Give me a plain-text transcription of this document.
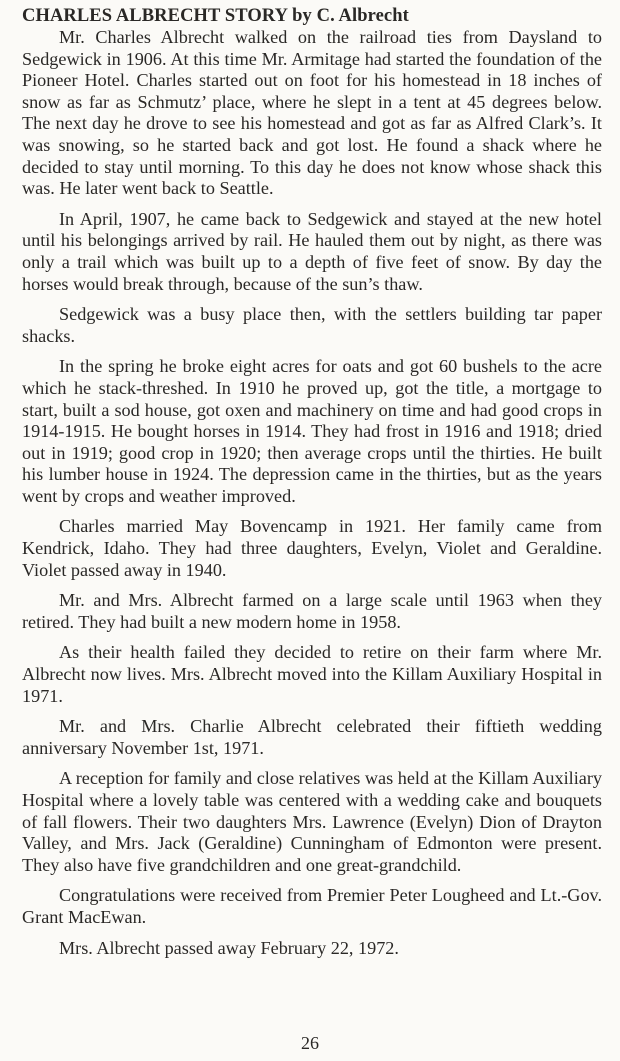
CHARLES ALBRECHT STORY by C. Albrecht

Mr. Charles Albrecht walked on the railroad ties from Daysland to Sedgewick in 1906. At this time Mr. Armitage had started the foundation of the Pioneer Hotel. Charles started out on foot for his homestead in 18 inches of snow as far as Schmutz’ place, where he slept in a tent at 45 degrees below. The next day he drove to see his homestead and got as far as Alfred Clark’s. It was snowing, so he started back and got lost. He found a shack where he decided to stay until morning. To this day he does not know whose shack this was. He later went back to Seattle.

In April, 1907, he came back to Sedgewick and stayed at the new hotel until his belongings arrived by rail. He hauled them out by night, as there was only a trail which was built up to a depth of five feet of snow. By day the horses would break through, because of the sun’s thaw.

Sedgewick was a busy place then, with the settlers building tar paper shacks.

In the spring he broke eight acres for oats and got 60 bushels to the acre which he stack-threshed. In 1910 he proved up, got the title, a mortgage to start, built a sod house, got oxen and machinery on time and had good crops in 1914-1915. He bought horses in 1914. They had frost in 1916 and 1918; dried out in 1919; good crop in 1920; then average crops until the thirties. He built his lumber house in 1924. The depression came in the thirties, but as the years went by crops and weather improved.

Charles married May Bovencamp in 1921. Her family came from Kendrick, Idaho. They had three daughters, Evelyn, Violet and Geraldine. Violet passed away in 1940.

Mr. and Mrs. Albrecht farmed on a large scale until 1963 when they retired. They had built a new modern home in 1958.

As their health failed they decided to retire on their farm where Mr. Albrecht now lives. Mrs. Albrecht moved into the Killam Auxiliary Hospital in 1971.

Mr. and Mrs. Charlie Albrecht celebrated their fiftieth wedding anniversary November 1st, 1971.

A reception for family and close relatives was held at the Killam Auxiliary Hospital where a lovely table was centered with a wedding cake and bouquets of fall flowers. Their two daughters Mrs. Lawrence (Evelyn) Dion of Drayton Valley, and Mrs. Jack (Geraldine) Cunningham of Edmonton were present. They also have five grandchildren and one great-grandchild.

Congratulations were received from Premier Peter Lougheed and Lt.-Gov. Grant MacEwan.

Mrs. Albrecht passed away February 22, 1972.

26
